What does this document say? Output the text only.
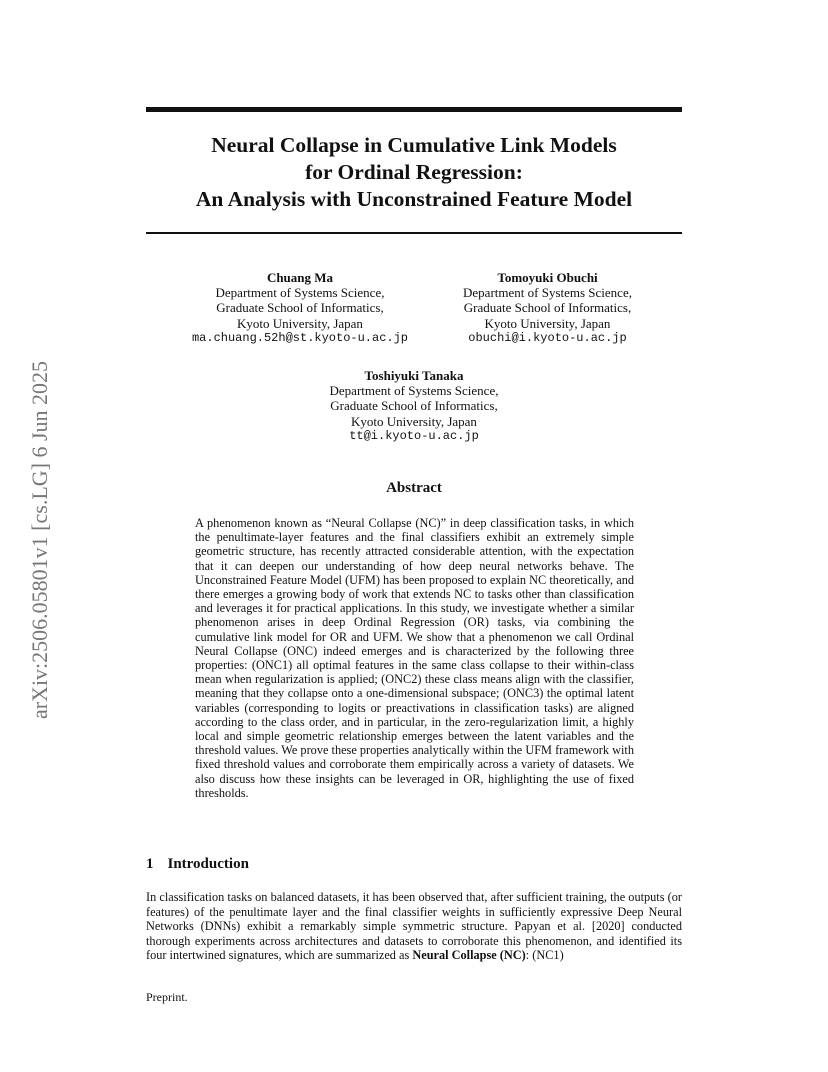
arXiv:2506.05801v1 [cs.LG] 6 Jun 2025
Neural Collapse in Cumulative Link Models
for Ordinal Regression:
An Analysis with Unconstrained Feature Model
Chuang Ma
Department of Systems Science,
Graduate School of Informatics,
Kyoto University, Japan
ma.chuang.52h@st.kyoto-u.ac.jp
Tomoyuki Obuchi
Department of Systems Science,
Graduate School of Informatics,
Kyoto University, Japan
obuchi@i.kyoto-u.ac.jp
Toshiyuki Tanaka
Department of Systems Science,
Graduate School of Informatics,
Kyoto University, Japan
tt@i.kyoto-u.ac.jp
Abstract
A phenomenon known as “Neural Collapse (NC)” in deep classification tasks, in which the penultimate-layer features and the final classifiers exhibit an extremely simple geometric structure, has recently attracted considerable attention, with the expectation that it can deepen our understanding of how deep neural networks behave. The Unconstrained Feature Model (UFM) has been proposed to explain NC theoretically, and there emerges a growing body of work that extends NC to tasks other than classification and leverages it for practical applications. In this study, we investigate whether a similar phenomenon arises in deep Ordinal Regression (OR) tasks, via combining the cumulative link model for OR and UFM. We show that a phenomenon we call Ordinal Neural Collapse (ONC) indeed emerges and is characterized by the following three properties: (ONC1) all optimal features in the same class collapse to their within-class mean when regularization is applied; (ONC2) these class means align with the classifier, meaning that they collapse onto a one-dimensional subspace; (ONC3) the optimal latent variables (corresponding to logits or preactivations in classification tasks) are aligned according to the class order, and in particular, in the zero-regularization limit, a highly local and simple geometric relationship emerges between the latent variables and the threshold values. We prove these properties analytically within the UFM framework with fixed threshold values and corroborate them empirically across a variety of datasets. We also discuss how these insights can be leveraged in OR, highlighting the use of fixed thresholds.
1 Introduction
In classification tasks on balanced datasets, it has been observed that, after sufficient training, the outputs (or features) of the penultimate layer and the final classifier weights in sufficiently expressive Deep Neural Networks (DNNs) exhibit a remarkably simple symmetric structure. Papyan et al. [2020] conducted thorough experiments across architectures and datasets to corroborate this phenomenon, and identified its four intertwined signatures, which are summarized as Neural Collapse (NC): (NC1)
Preprint.
